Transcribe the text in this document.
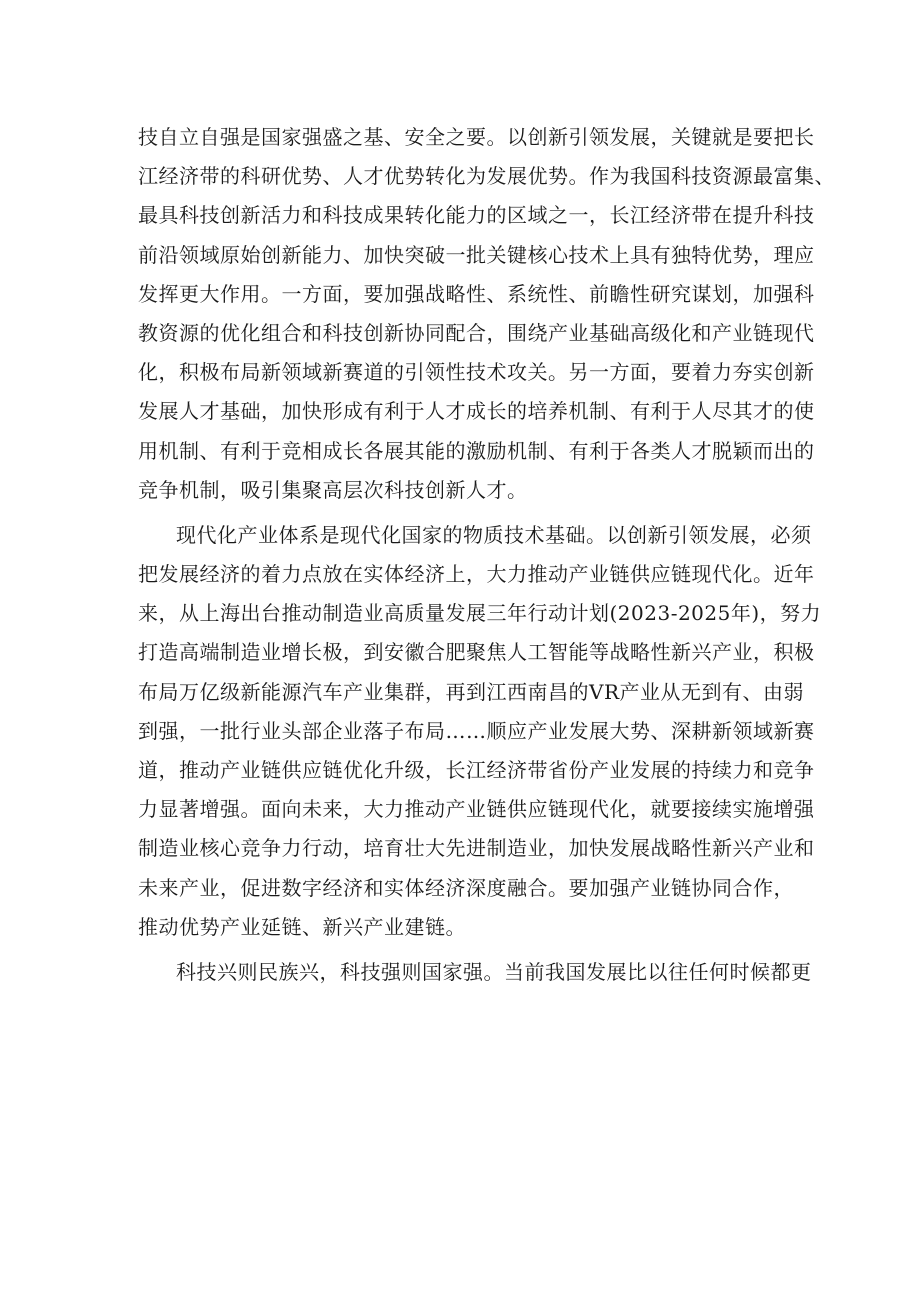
技自立自强是国家强盛之基、安全之要。以创新引领发展，关键就是要把长
江经济带的科研优势、人才优势转化为发展优势。作为我国科技资源最富集、
最具科技创新活力和科技成果转化能力的区域之一，长江经济带在提升科技
前沿领域原始创新能力、加快突破一批关键核心技术上具有独特优势，理应
发挥更大作用。一方面，要加强战略性、系统性、前瞻性研究谋划，加强科
教资源的优化组合和科技创新协同配合，围绕产业基础高级化和产业链现代
化，积极布局新领域新赛道的引领性技术攻关。另一方面，要着力夯实创新
发展人才基础，加快形成有利于人才成长的培养机制、有利于人尽其才的使
用机制、有利于竞相成长各展其能的激励机制、有利于各类人才脱颖而出的
竞争机制，吸引集聚高层次科技创新人才。
现代化产业体系是现代化国家的物质技术基础。以创新引领发展，必须
把发展经济的着力点放在实体经济上，大力推动产业链供应链现代化。近年
来，从上海出台推动制造业高质量发展三年行动计划(2023-2025年)，努力
打造高端制造业增长极，到安徽合肥聚焦人工智能等战略性新兴产业，积极
布局万亿级新能源汽车产业集群，再到江西南昌的VR产业从无到有、由弱
到强，一批行业头部企业落子布局……顺应产业发展大势、深耕新领域新赛
道，推动产业链供应链优化升级，长江经济带省份产业发展的持续力和竞争
力显著增强。面向未来，大力推动产业链供应链现代化，就要接续实施增强
制造业核心竞争力行动，培育壮大先进制造业，加快发展战略性新兴产业和
未来产业，促进数字经济和实体经济深度融合。要加强产业链协同合作，
推动优势产业延链、新兴产业建链。
科技兴则民族兴，科技强则国家强。当前我国发展比以往任何时候都更
